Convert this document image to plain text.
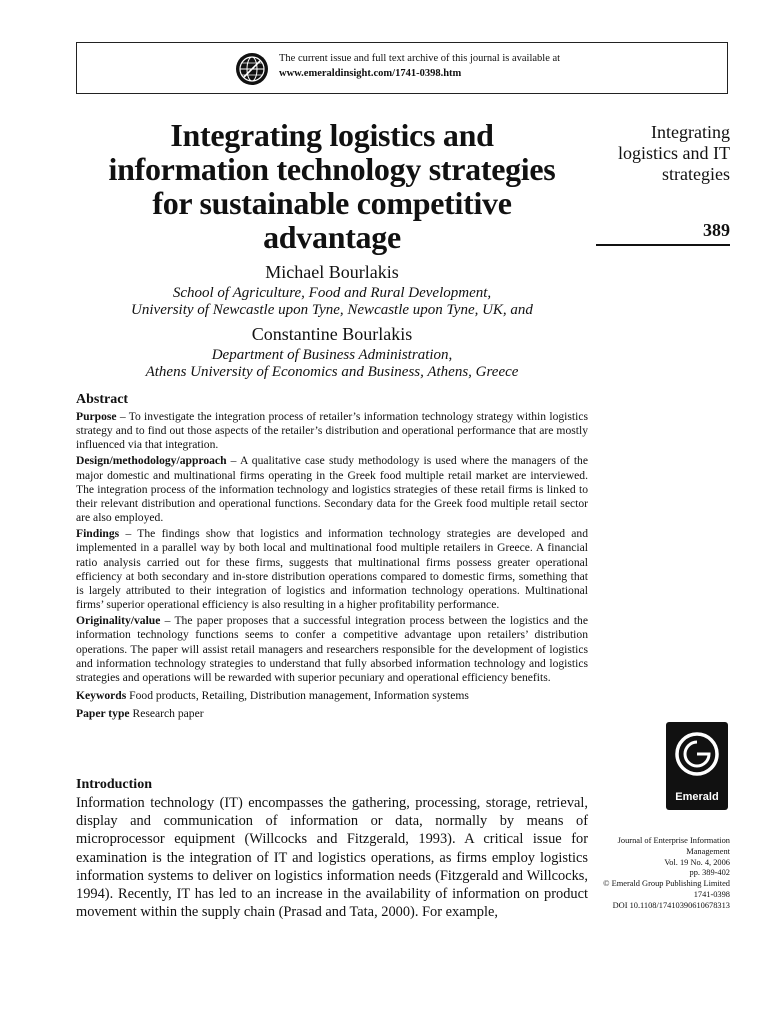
The current issue and full text archive of this journal is available at
www.emeraldinsight.com/1741-0398.htm
Integrating logistics and
information technology strategies
for sustainable competitive
advantage
Integrating
logistics and IT
strategies
389
Michael Bourlakis
School of Agriculture, Food and Rural Development,
University of Newcastle upon Tyne, Newcastle upon Tyne, UK, and
Constantine Bourlakis
Department of Business Administration,
Athens University of Economics and Business, Athens, Greece
Abstract

Purpose – To investigate the integration process of retailer’s information technology strategy within logistics strategy and to find out those aspects of the retailer’s distribution and operational performance that are mostly influenced via that integration.

Design/methodology/approach – A qualitative case study methodology is used where the managers of the major domestic and multinational firms operating in the Greek food multiple retail market are interviewed. The integration process of the information technology and logistics strategies of these retail firms is linked to their relevant distribution and operational functions. Secondary data for the Greek food multiple retail sector are also employed.

Findings – The findings show that logistics and information technology strategies are developed and implemented in a parallel way by both local and multinational food multiple retailers in Greece. A financial ratio analysis carried out for these firms, suggests that multinational firms possess greater operational efficiency at both secondary and in-store distribution operations compared to domestic firms, something that is largely attributed to their integration of logistics and information technology operations. Multinational firms’ superior operational efficiency is also resulting in a higher profitability performance.

Originality/value – The paper proposes that a successful integration process between the logistics and the information technology functions seems to confer a competitive advantage upon retailers’ distribution operations. The paper will assist retail managers and researchers responsible for the development of logistics and information technology strategies to understand that fully absorbed information technology and logistics strategies and operations will be rewarded with superior pecuniary and operational efficiency benefits.

Keywords Food products, Retailing, Distribution management, Information systems

Paper type Research paper

Introduction
Information technology (IT) encompasses the gathering, processing, storage, retrieval, display and communication of information or data, normally by means of microprocessor equipment (Willcocks and Fitzgerald, 1993). A critical issue for examination is the integration of IT and logistics operations, as firms employ logistics information systems to deliver on logistics information needs (Fitzgerald and Willcocks, 1994). Recently, IT has led to an increase in the availability of information on product movement within the supply chain (Prasad and Tata, 2000). For example,
Emerald
Journal of Enterprise Information
Management
Vol. 19 No. 4, 2006
pp. 389-402
© Emerald Group Publishing Limited
1741-0398
DOI 10.1108/17410390610678313
